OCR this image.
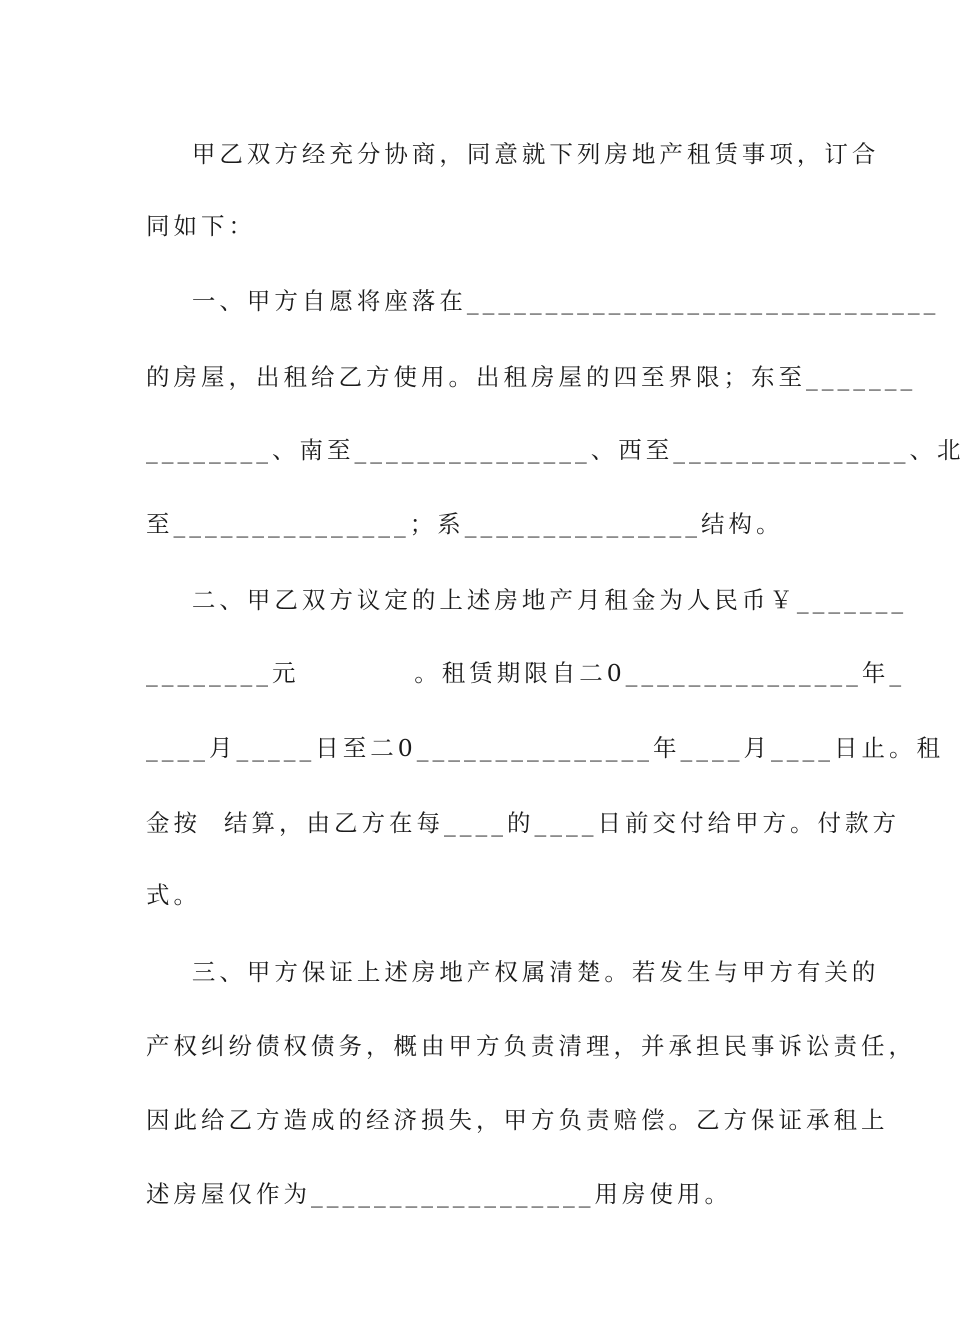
甲乙双方经充分协商，同意就下列房地产租赁事项，订合
同如下：
一、甲方自愿将座落在______________________________
的房屋，出租给乙方使用。出租房屋的四至界限；东至_______
________、南至_______________、西至_______________、北
至_______________；系_______________结构。
二、甲乙双方议定的上述房地产月租金为人民币￥_______
________元          。租赁期限自二0_______________年_
____月_____日至二0_______________年____月____日止。租
金按  结算，由乙方在每____的____日前交付给甲方。付款方
式。
三、甲方保证上述房地产权属清楚。若发生与甲方有关的
产权纠纷债权债务，概由甲方负责清理，并承担民事诉讼责任，
因此给乙方造成的经济损失，甲方负责赔偿。乙方保证承租上
述房屋仅作为__________________用房使用。
